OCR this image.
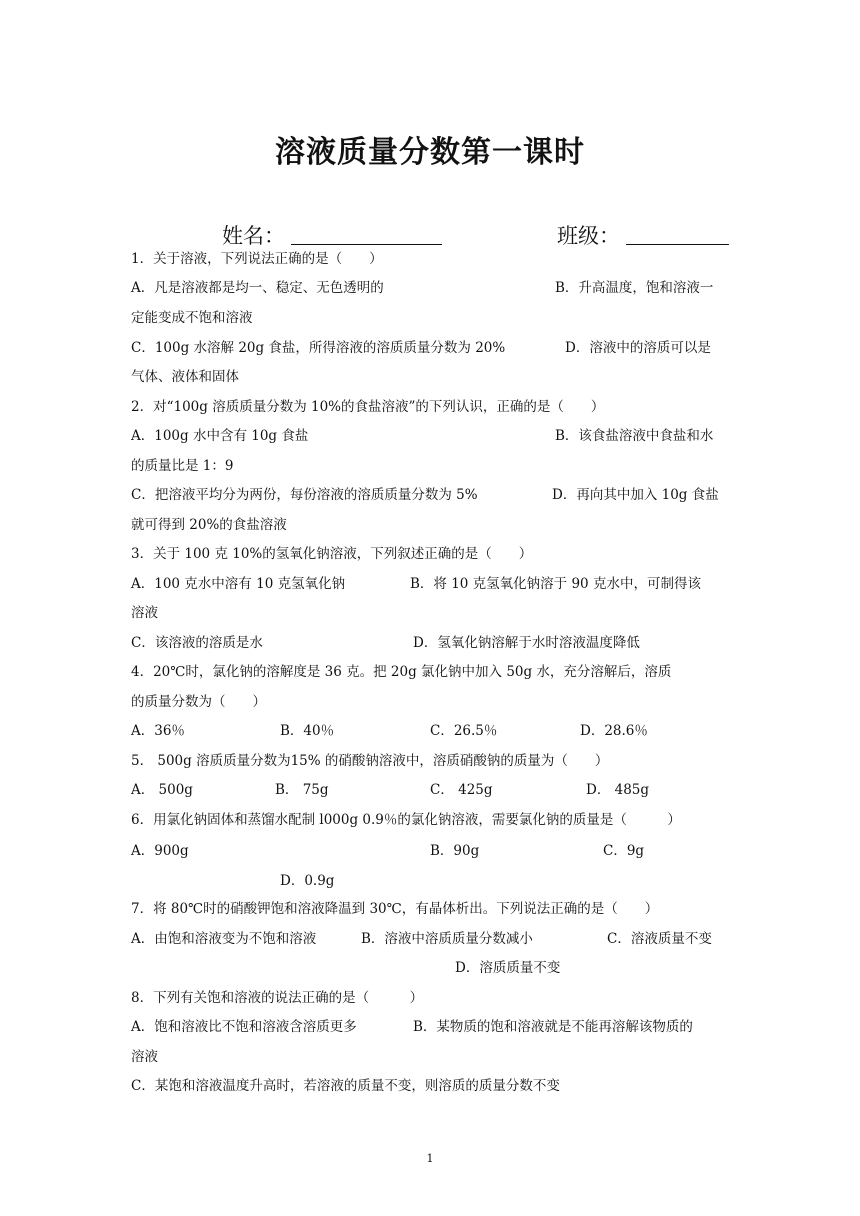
溶液质量分数第一课时
姓名：	班级：
1．关于溶液，下列说法正确的是（　　）
A．凡是溶液都是均一、稳定、无色透明的	B．升高温度，饱和溶液一
定能变成不饱和溶液
C．100g 水溶解 20g 食盐，所得溶液的溶质质量分数为 20%	D．溶液中的溶质可以是
气体、液体和固体
2．对“100g 溶质质量分数为 10%的食盐溶液”的下列认识，正确的是（　　）
A．100g 水中含有 10g 食盐	B．该食盐溶液中食盐和水
的质量比是 1：9
C．把溶液平均分为两份，每份溶液的溶质质量分数为 5%	D．再向其中加入 10g 食盐
就可得到 20%的食盐溶液
3．关于 100 克 10%的氢氧化钠溶液，下列叙述正确的是（　　）
A．100 克水中溶有 10 克氢氧化钠	B．将 10 克氢氧化钠溶于 90 克水中，可制得该
溶液
C．该溶液的溶质是水	D．氢氧化钠溶解于水时溶液温度降低
4．20℃时，氯化钠的溶解度是 36 克。把 20g 氯化钠中加入 50g 水，充分溶解后，溶质
的质量分数为（　　）
A．36％	B．40％	C．26.5％	D．28.6％
5． 500g 溶质质量分数为15% 的硝酸钠溶液中，溶质硝酸钠的质量为（　　）
A． 500g	B． 75g	C． 425g	D． 485g
6．用氯化钠固体和蒸馏水配制 l000g 0.9％的氯化钠溶液，需要氯化钠的质量是（　　　）
A．900g	B．90g	C．9g
D．0.9g
7．将 80℃时的硝酸钾饱和溶液降温到 30℃，有晶体析出。下列说法正确的是（　　）
A．由饱和溶液变为不饱和溶液	B．溶液中溶质质量分数减小	C．溶液质量不变
D．溶质质量不变
8．下列有关饱和溶液的说法正确的是（　　　）
A．饱和溶液比不饱和溶液含溶质更多	B．某物质的饱和溶液就是不能再溶解该物质的
溶液
C．某饱和溶液温度升高时，若溶液的质量不变，则溶质的质量分数不变
1
